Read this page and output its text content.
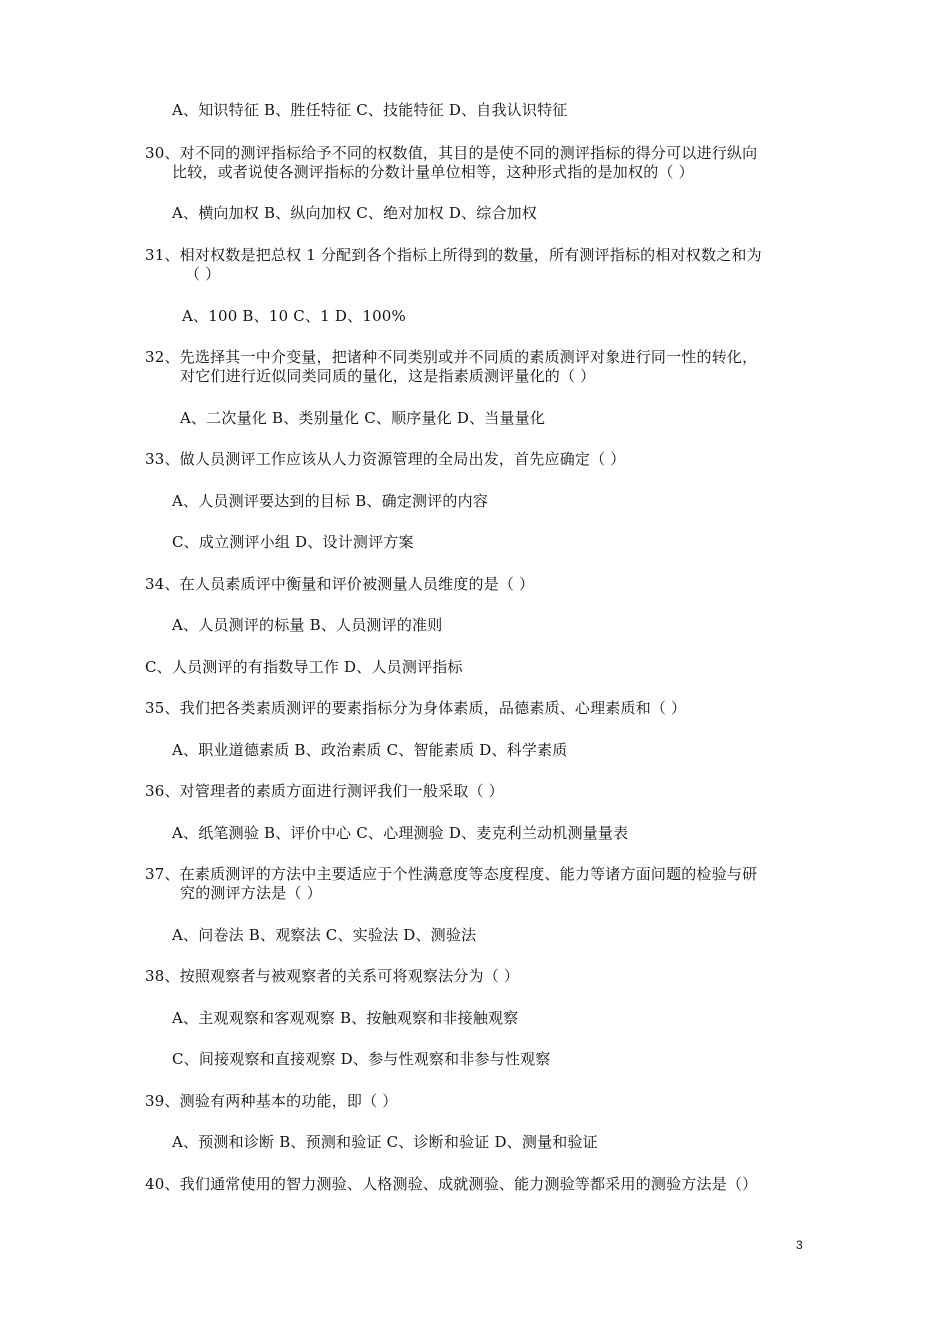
A、知识特征 B、胜任特征 C、技能特征 D、自我认识特征
30、对不同的测评指标给予不同的权数值，其目的是使不同的测评指标的得分可以进行纵向
比较，或者说使各测评指标的分数计量单位相等，这种形式指的是加权的（ ）
A、横向加权 B、纵向加权 C、绝对加权 D、综合加权
31、相对权数是把总权 1 分配到各个指标上所得到的数量，所有测评指标的相对权数之和为
（ ）
A、100 B、10 C、1 D、100%
32、先选择其一中介变量，把诸种不同类别或并不同质的素质测评对象进行同一性的转化，
对它们进行近似同类同质的量化，这是指素质测评量化的（ ）
A、二次量化 B、类别量化 C、顺序量化 D、当量量化
33、做人员测评工作应该从人力资源管理的全局出发，首先应确定（ ）
A、人员测评要达到的目标 B、确定测评的内容
C、成立测评小组 D、设计测评方案
34、在人员素质评中衡量和评价被测量人员维度的是（ ）
A、人员测评的标量 B、人员测评的准则
C、人员测评的有指数导工作 D、人员测评指标
35、我们把各类素质测评的要素指标分为身体素质，品德素质、心理素质和（ ）
A、职业道德素质 B、政治素质 C、智能素质 D、科学素质
36、对管理者的素质方面进行测评我们一般采取（ ）
A、纸笔测验 B、评价中心 C、心理测验 D、麦克利兰动机测量量表
37、在素质测评的方法中主要适应于个性满意度等态度程度、能力等诸方面问题的检验与研
究的测评方法是（ ）
A、问卷法 B、观察法 C、实验法 D、测验法
38、按照观察者与被观察者的关系可将观察法分为（ ）
A、主观观察和客观观察 B、按触观察和非接触观察
C、间接观察和直接观察 D、参与性观察和非参与性观察
39、测验有两种基本的功能，即（ ）
A、预测和诊断 B、预测和验证 C、诊断和验证 D、测量和验证
40、我们通常使用的智力测验、人格测验、成就测验、能力测验等都采用的测验方法是（）
3
